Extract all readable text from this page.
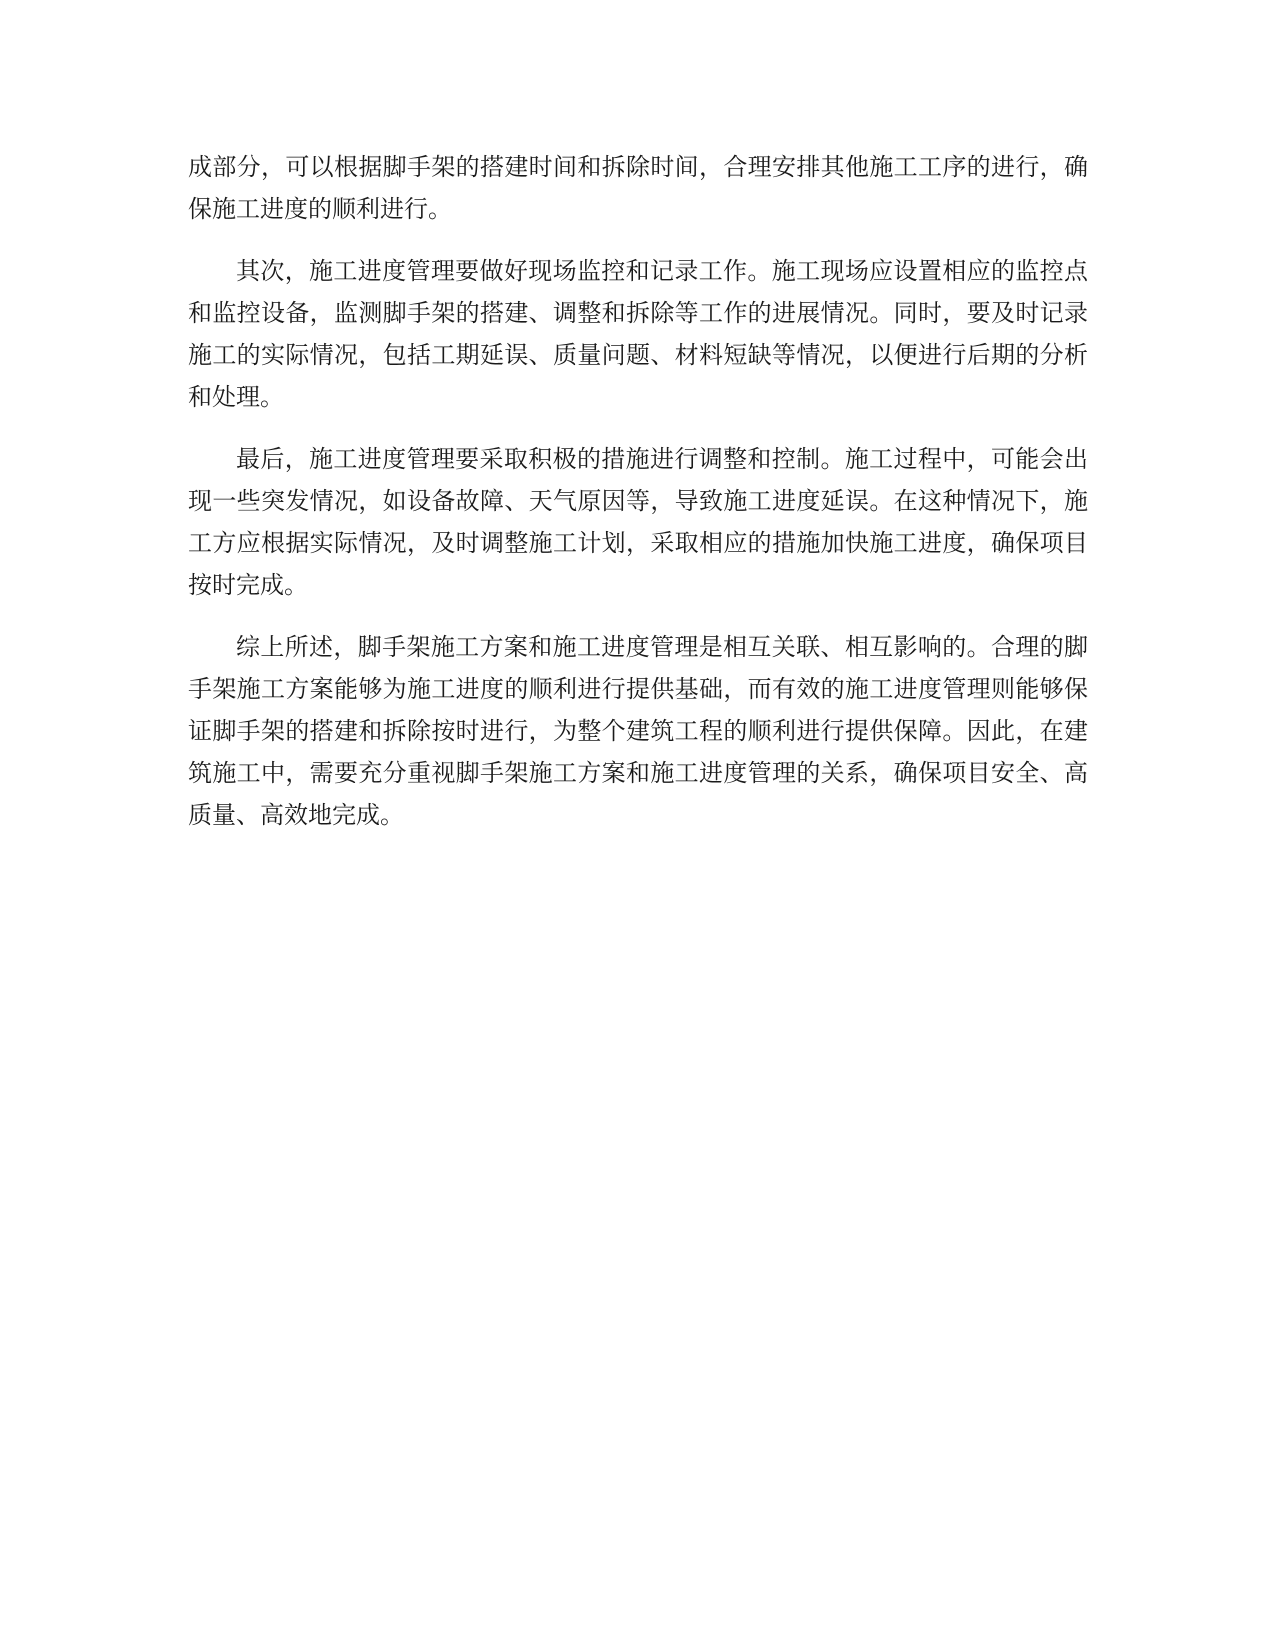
成部分，可以根据脚手架的搭建时间和拆除时间，合理安排其他施工工序的进行，确保施工进度的顺利进行。

其次，施工进度管理要做好现场监控和记录工作。施工现场应设置相应的监控点和监控设备，监测脚手架的搭建、调整和拆除等工作的进展情况。同时，要及时记录施工的实际情况，包括工期延误、质量问题、材料短缺等情况，以便进行后期的分析和处理。

最后，施工进度管理要采取积极的措施进行调整和控制。施工过程中，可能会出现一些突发情况，如设备故障、天气原因等，导致施工进度延误。在这种情况下，施工方应根据实际情况，及时调整施工计划，采取相应的措施加快施工进度，确保项目按时完成。

综上所述，脚手架施工方案和施工进度管理是相互关联、相互影响的。合理的脚手架施工方案能够为施工进度的顺利进行提供基础，而有效的施工进度管理则能够保证脚手架的搭建和拆除按时进行，为整个建筑工程的顺利进行提供保障。因此，在建筑施工中，需要充分重视脚手架施工方案和施工进度管理的关系，确保项目安全、高质量、高效地完成。
